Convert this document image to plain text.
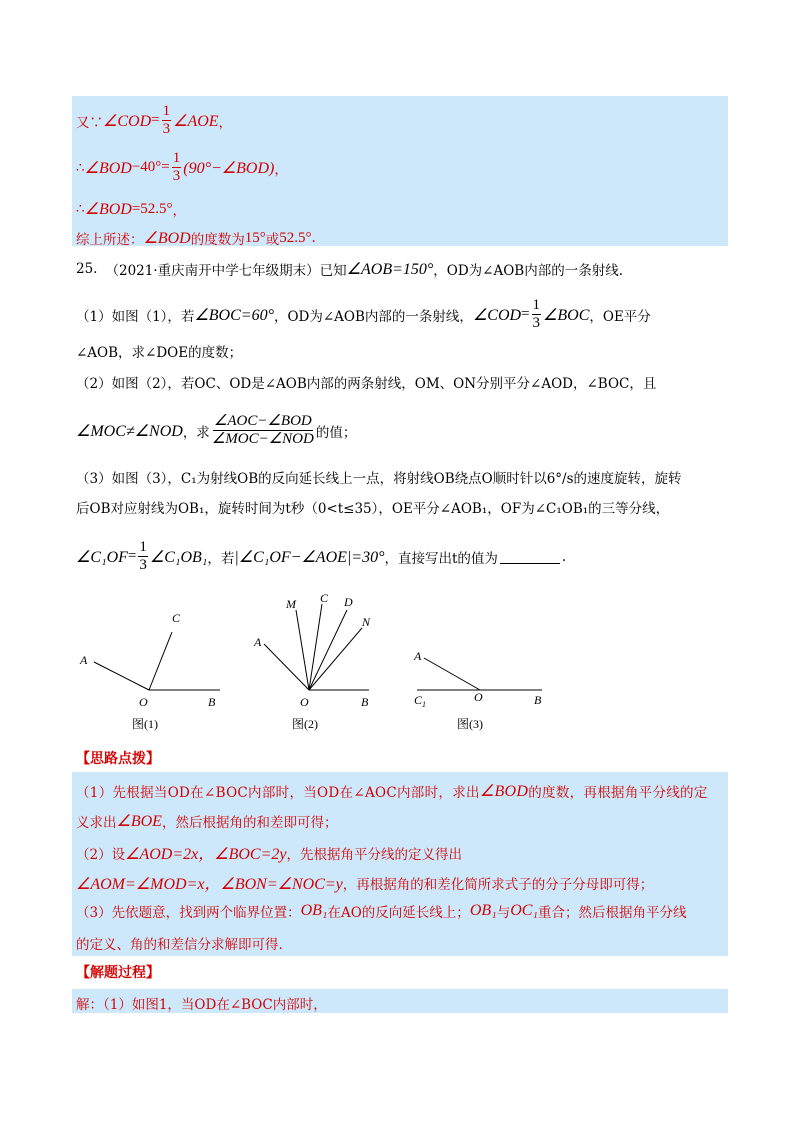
又∵ ∠COD = $\frac{1}{3}$ ∠AOE ，
∴ ∠BOD $-40^\circ = \frac{1}{3}$ (90°−∠BOD) ，
∴ ∠BOD =52.5° ，
综上所述： ∠BOD 的度数为 15° 或 52.5° .
25. （2021·重庆南开中学七年级期末） 已知 ∠AOB=150° ，OD为∠AOB内部的一条射线.
（1）如图（1），若 ∠BOC=60° ，OD为∠AOB内部的一条射线， ∠COD = $\frac{1}{3}$ ∠BOC ，OE平分
∠AOB，求∠DOE的度数；
（2）如图（2），若OC、OD是∠AOB内部的两条射线，OM、ON分别平分∠AOD，∠BOC，且
∠MOC≠∠NOD ，求 $\frac{\text{∠AOC−∠BOD}}{\text{∠MOC−∠NOD}}$ 的值；
（3）如图（3），C₁为射线OB的反向延长线上一点，将射线OB绕点O顺时针以6°/s的速度旋转，旋转
后OB对应射线为OB₁，旋转时间为t秒（0<t≤35），OE平分∠AOB₁，OF为∠C₁OB₁的三等分线，
∠C₁OF = $\frac{1}{3}$ ∠C₁OB₁ ，若 |∠C₁OF−∠AOE|=30° ，直接写出t的值为	.
A
C
O	B
图(1)
A
M C D
N
O	B
图(2)
A
C 1
O	B
图(3)
【思路点拨】
（1）先根据当OD在∠BOC内部时，当OD在∠AOC内部时，求出 ∠BOD 的度数，再根据角平分线的定
义求出 ∠BOE ，然后根据角的和差即可得；
（2）设 ∠AOD=2x，∠BOC=2y ，先根据角平分线的定义得出
∠AOM=∠MOD=x，∠BON=∠NOC=y ，再根据角的和差化简所求式子的分子分母即可得；
（3）先依题意，找到两个临界位置： OB₁ 在AO的反向延长线上； OB₁ 与 OC₁ 重合；然后根据角平分线
的定义、角的和差信分求解即可得.
【解题过程】
解：（1）如图1，当OD在∠BOC内部时，
